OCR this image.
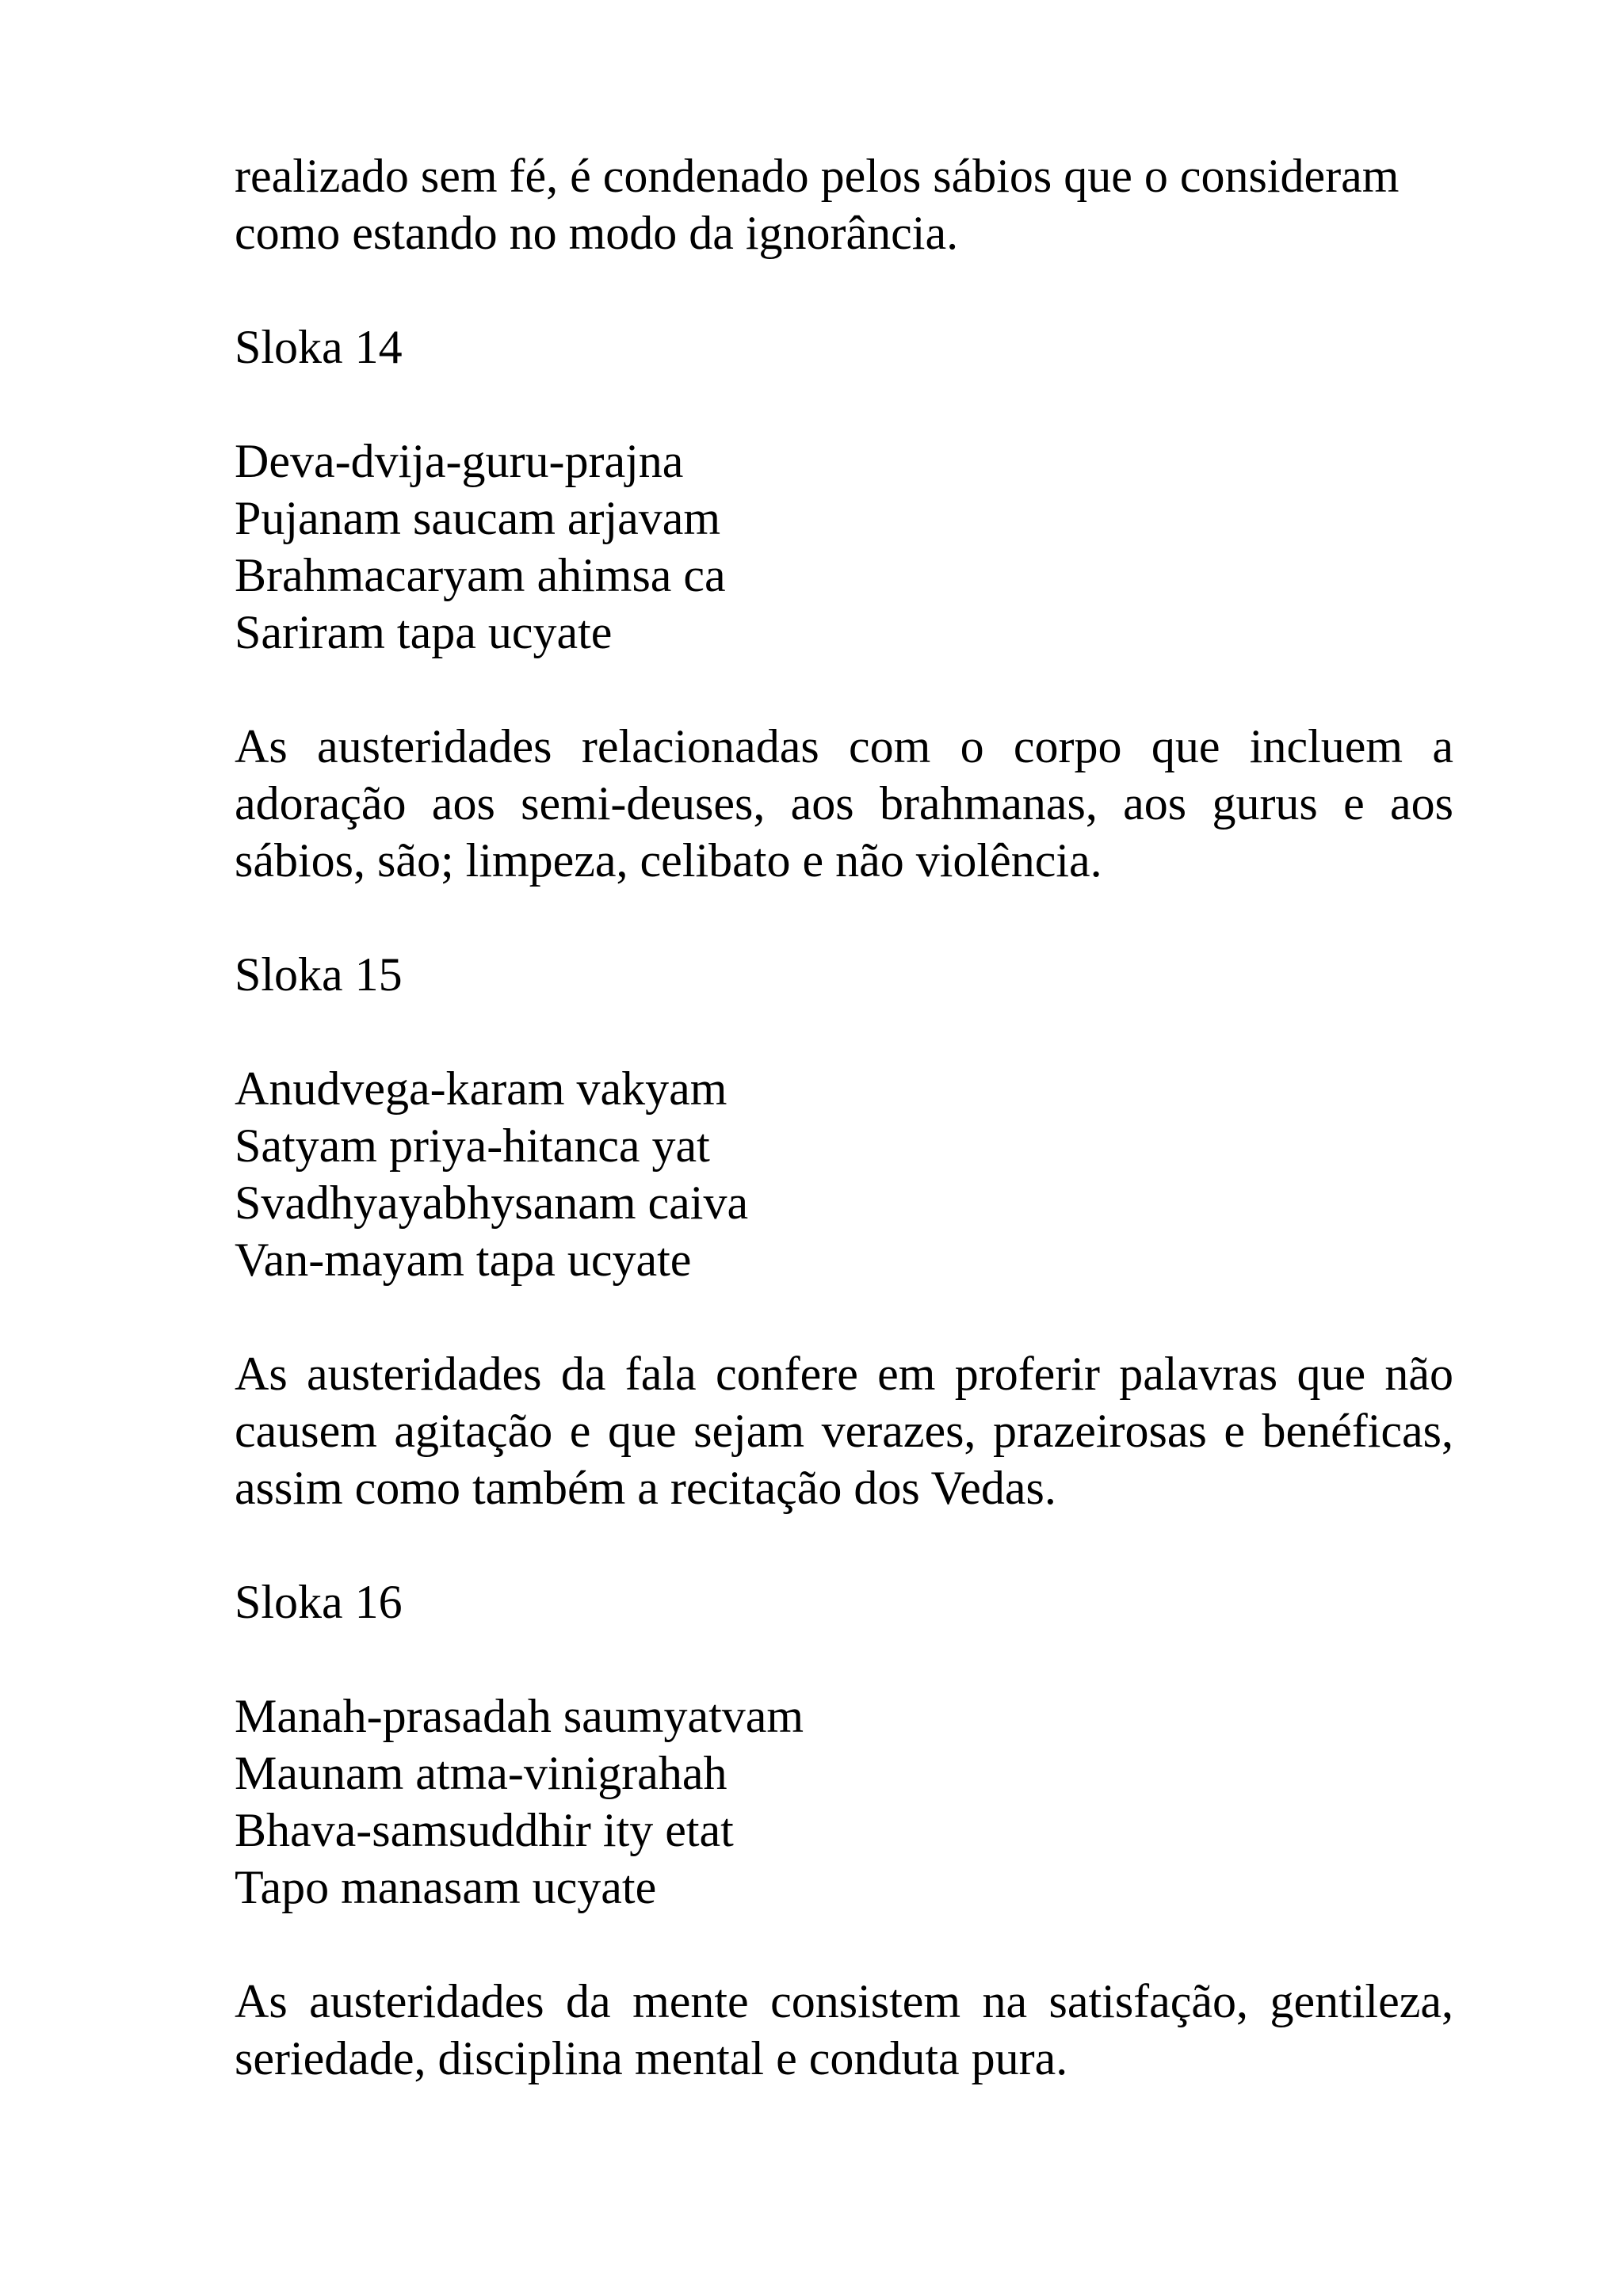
realizado sem fé, é condenado pelos sábios que o consideram
como estando no modo da ignorância.
Sloka 14
Deva-dvija-guru-prajna
Pujanam saucam arjavam
Brahmacaryam ahimsa ca
Sariram tapa ucyate
As austeridades relacionadas com o corpo que incluem a adoração aos semi-deuses, aos brahmanas, aos gurus e aos sábios, são; limpeza, celibato e não violência.
Sloka 15
Anudvega-karam vakyam
Satyam priya-hitanca yat
Svadhyayabhysanam caiva
Van-mayam tapa ucyate
As austeridades da fala confere em proferir palavras que não causem agitação e que sejam verazes, prazeirosas e benéficas, assim como também a recitação dos Vedas.
Sloka 16
Manah-prasadah saumyatvam
Maunam atma-vinigrahah
Bhava-samsuddhir ity etat
Tapo manasam ucyate
As austeridades da mente consistem na satisfação, gentileza, seriedade, disciplina mental e conduta pura.
